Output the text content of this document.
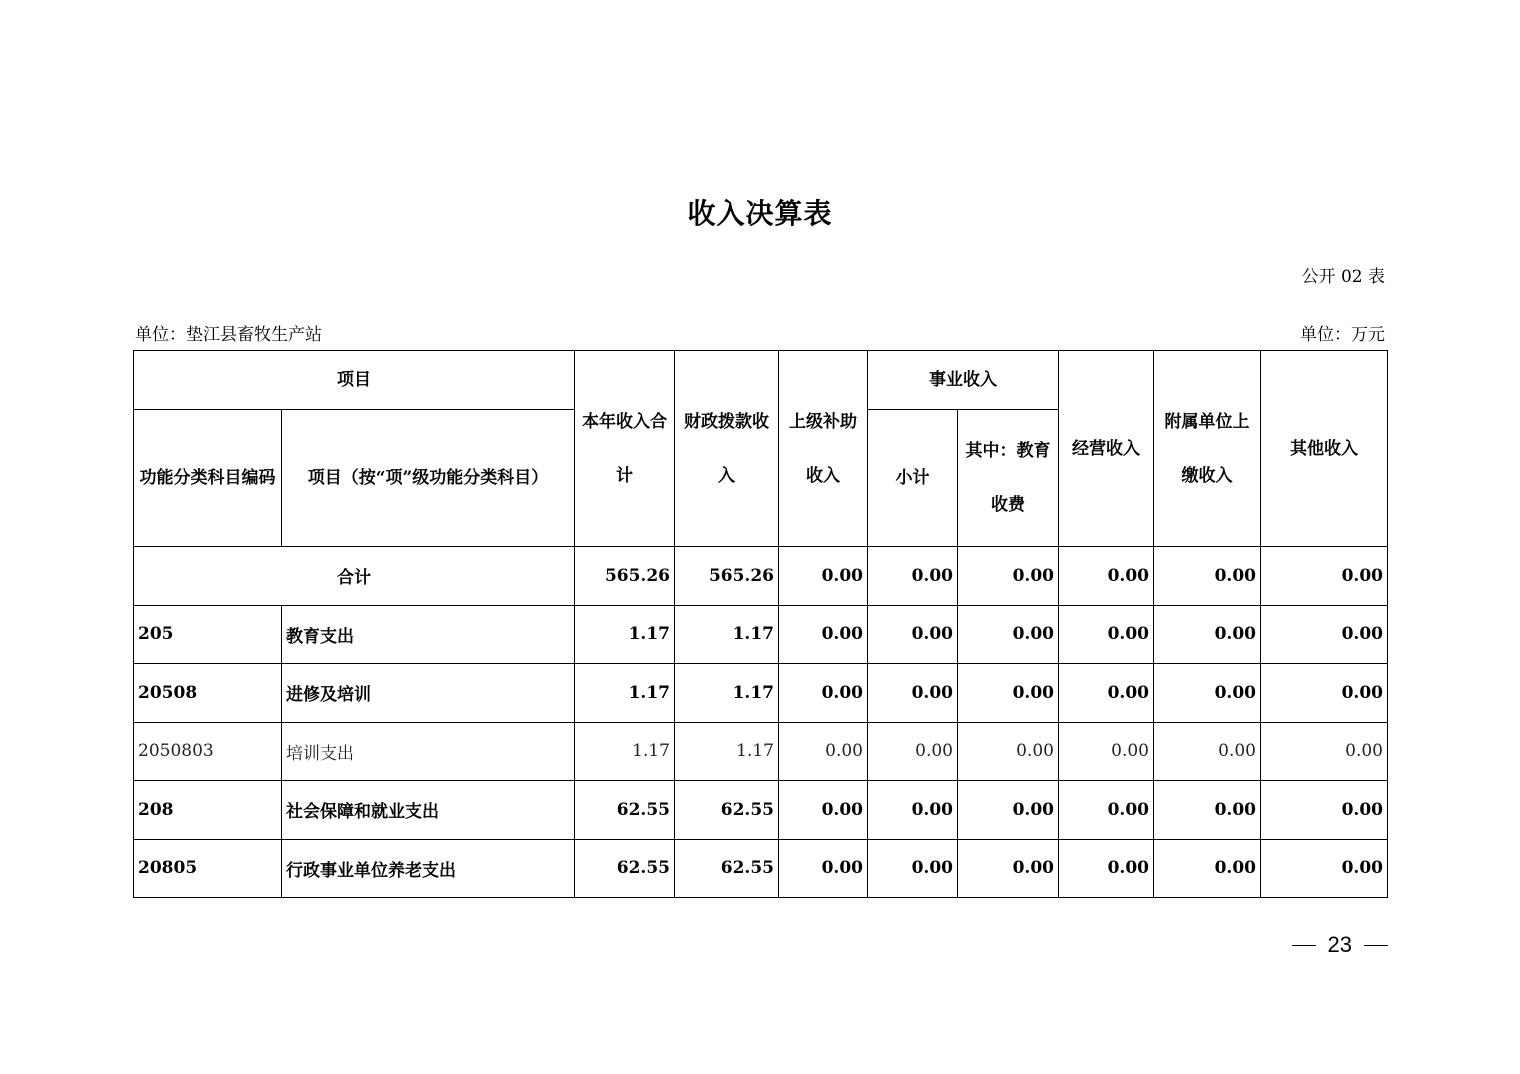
收入决算表
公开 02 表
单位：垫江县畜牧生产站	单位：万元
项目		本年收入合计	财政拨款收入	上级补助收入	事业收入		经营收入	附属单位上缴收入	其他收入
功能分类科目编码	项目（按“项”级功能分类科目）				小计	其中：教育收费			
合计		565.26	565.26	0.00	0.00	0.00	0.00	0.00	0.00
205	教育支出	1.17	1.17	0.00	0.00	0.00	0.00	0.00	0.00
20508	进修及培训	1.17	1.17	0.00	0.00	0.00	0.00	0.00	0.00
2050803	培训支出	1.17	1.17	0.00	0.00	0.00	0.00	0.00	0.00
208	社会保障和就业支出	62.55	62.55	0.00	0.00	0.00	0.00	0.00	0.00
20805	行政事业单位养老支出	62.55	62.55	0.00	0.00	0.00	0.00	0.00	0.00
23
